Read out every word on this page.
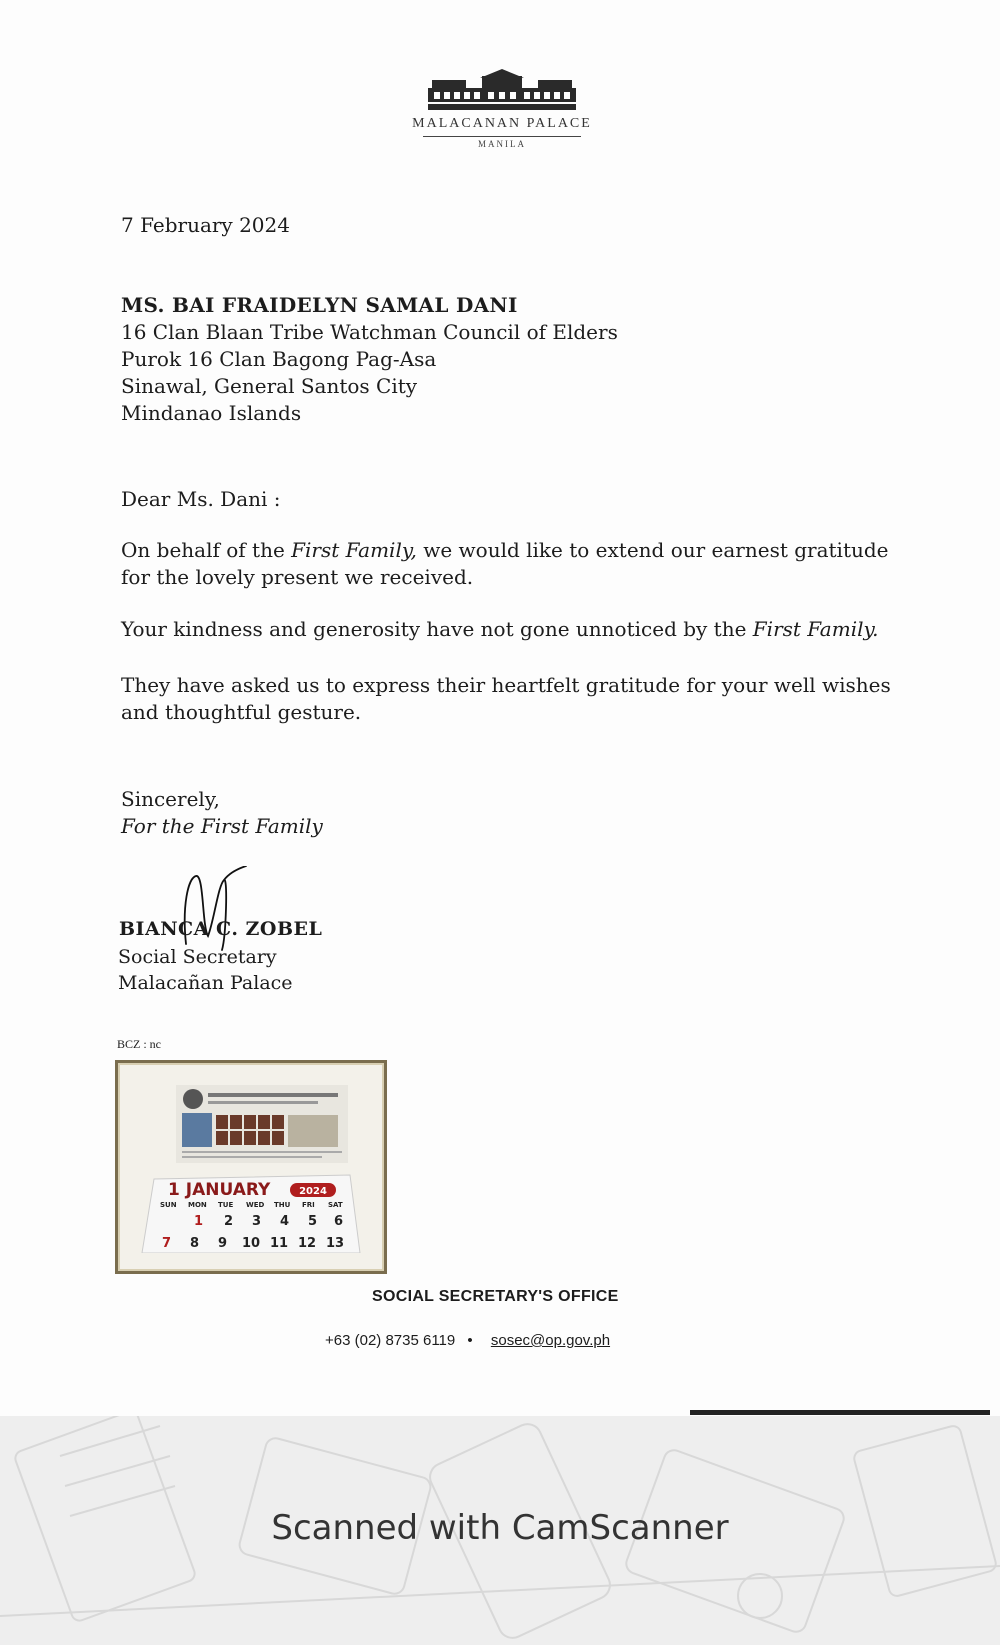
MALACANAN PALACE
MANILA
7 February 2024
MS. BAI FRAIDELYN SAMAL DANI
16 Clan Blaan Tribe Watchman Council of Elders
Purok 16 Clan Bagong Pag-Asa
Sinawal, General Santos City
Mindanao Islands
Dear Ms. Dani :
On behalf of the First Family, we would like to extend our earnest gratitude for the lovely present we received.
Your kindness and generosity have not gone unnoticed by the First Family.
They have asked us to express their heartfelt gratitude for your well wishes and thoughtful gesture.
Sincerely,
For the First Family
BIANCA C. ZOBEL
Social Secretary
Malacañan Palace
BCZ : nc
1 JANUARY	2024
SUN MON TUE WED THU FRI SAT
1 2 3 4 5 6
7 8 9 10 11 12 13
SOCIAL SECRETARY'S OFFICE
+63 (02) 8735 6119 • sosec@op.gov.ph
Scanned with CamScanner
